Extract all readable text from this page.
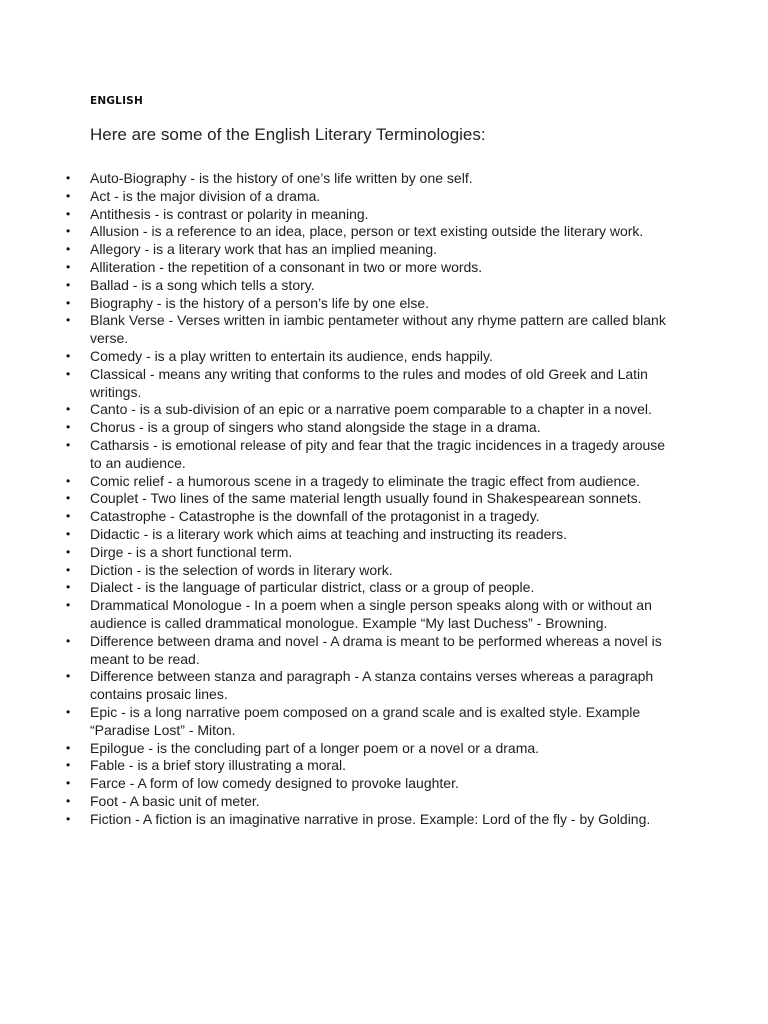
ENGLISH
Here are some of the English Literary Terminologies:
• Auto-Biography - is the history of one’s life written by one self.
• Act - is the major division of a drama.
• Antithesis - is contrast or polarity in meaning.
• Allusion - is a reference to an idea, place, person or text existing outside the literary work.
• Allegory - is a literary work that has an implied meaning.
• Alliteration - the repetition of a consonant in two or more words.
• Ballad - is a song which tells a story.
• Biography - is the history of a person’s life by one else.
• Blank Verse - Verses written in iambic pentameter without any rhyme pattern are called blank verse.
• Comedy - is a play written to entertain its audience, ends happily.
• Classical - means any writing that conforms to the rules and modes of old Greek and Latin writings.
• Canto - is a sub-division of an epic or a narrative poem comparable to a chapter in a novel.
• Chorus - is a group of singers who stand alongside the stage in a drama.
• Catharsis - is emotional release of pity and fear that the tragic incidences in a tragedy arouse to an audience.
• Comic relief - a humorous scene in a tragedy to eliminate the tragic effect from audience.
• Couplet - Two lines of the same material length usually found in Shakespearean sonnets.
• Catastrophe - Catastrophe is the downfall of the protagonist in a tragedy.
• Didactic - is a literary work which aims at teaching and instructing its readers.
• Dirge - is a short functional term.
• Diction - is the selection of words in literary work.
• Dialect - is the language of particular district, class or a group of people.
• Drammatical Monologue - In a poem when a single person speaks along with or without an audience is called drammatical monologue. Example “My last Duchess” - Browning.
• Difference between drama and novel - A drama is meant to be performed whereas a novel is meant to be read.
• Difference between stanza and paragraph - A stanza contains verses whereas a paragraph contains prosaic lines.
• Epic - is a long narrative poem composed on a grand scale and is exalted style. Example “Paradise Lost” - Miton.
• Epilogue - is the concluding part of a longer poem or a novel or a drama.
• Fable - is a brief story illustrating a moral.
• Farce - A form of low comedy designed to provoke laughter.
• Foot - A basic unit of meter.
• Fiction - A fiction is an imaginative narrative in prose. Example: Lord of the fly - by Golding.
